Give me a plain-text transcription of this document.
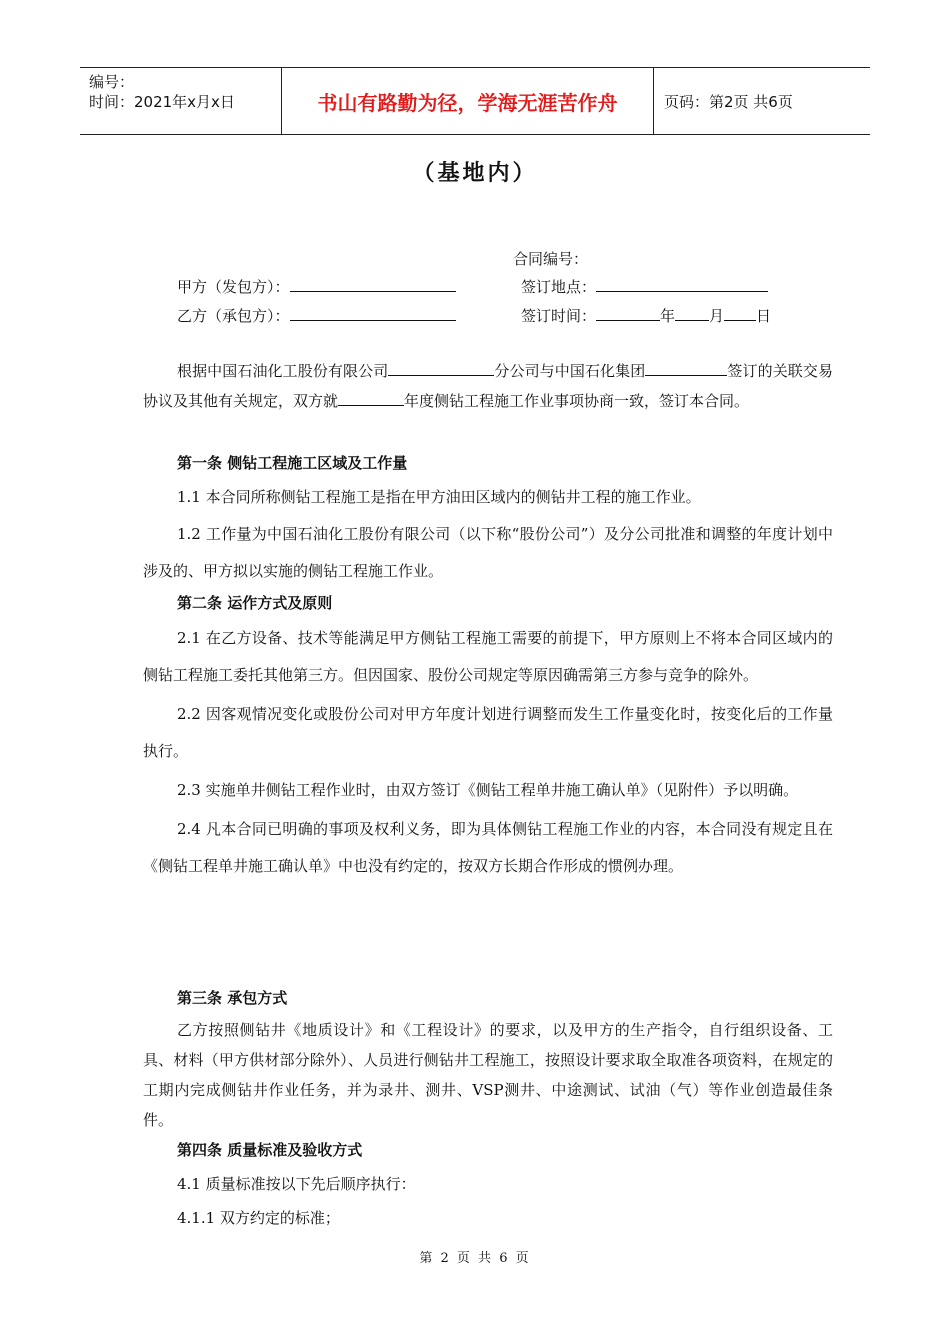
编号：
时间：2021年x月x日	书山有路勤为径，学海无涯苦作舟	页码：第2页 共6页
（基地内）
合同编号：
甲方（发包方）：	签订地点：
乙方（承包方）：	签订时间：	年 月 日

根据中国石油化工股份有限公司	分公司与中国石化集团	签订的关联交易协议及其他有关规定，双方就	年度侧钻工程施工作业事项协商一致，签订本合同。

第一条 侧钻工程施工区域及工作量

1.1 本合同所称侧钻工程施工是指在甲方油田区域内的侧钻井工程的施工作业。

1.2 工作量为中国石油化工股份有限公司（以下称“股份公司”）及分公司批准和调整的年度计划中涉及的、甲方拟以实施的侧钻工程施工作业。

第二条 运作方式及原则

2.1 在乙方设备、技术等能满足甲方侧钻工程施工需要的前提下，甲方原则上不将本合同区域内的侧钻工程施工委托其他第三方。但因国家、股份公司规定等原因确需第三方参与竞争的除外。

2.2 因客观情况变化或股份公司对甲方年度计划进行调整而发生工作量变化时，按变化后的工作量执行。

2.3 实施单井侧钻工程作业时，由双方签订《侧钻工程单井施工确认单》（见附件）予以明确。

2.4 凡本合同已明确的事项及权利义务，即为具体侧钻工程施工作业的内容，本合同没有规定且在《侧钻工程单井施工确认单》中也没有约定的，按双方长期合作形成的惯例办理。

第三条 承包方式

乙方按照侧钻井《地质设计》和《工程设计》的要求，以及甲方的生产指令，自行组织设备、工具、材料（甲方供材部分除外）、人员进行侧钻井工程施工，按照设计要求取全取准各项资料，在规定的工期内完成侧钻井作业任务，并为录井、测井、VSP测井、中途测试、试油（气）等作业创造最佳条件。

第四条 质量标准及验收方式

4.1 质量标准按以下先后顺序执行：

4.1.1 双方约定的标准；

第 2 页 共 6 页
